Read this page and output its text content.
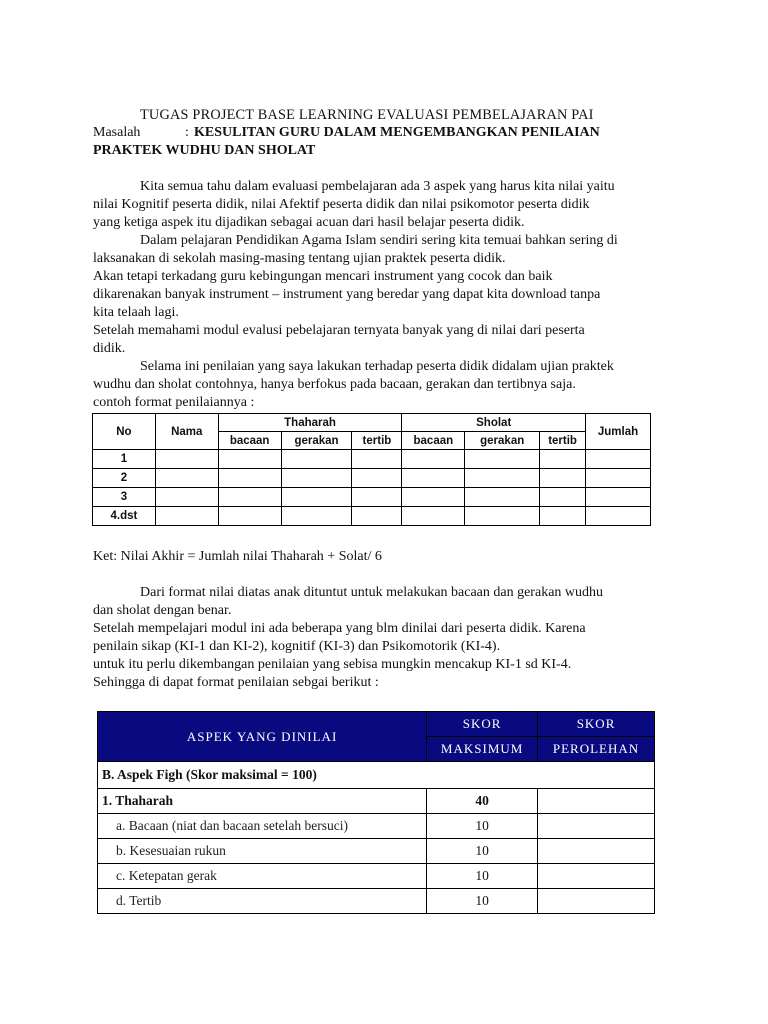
TUGAS PROJECT BASE LEARNING EVALUASI PEMBELAJARAN PAI
Masalah	: KESULITAN GURU DALAM MENGEMBANGKAN PENILAIAN
PRAKTEK WUDHU DAN SHOLAT
Kita semua tahu dalam evaluasi pembelajaran ada 3 aspek yang harus kita nilai yaitu
nilai Kognitif peserta didik, nilai Afektif peserta didik dan nilai psikomotor peserta didik
yang ketiga aspek itu dijadikan sebagai acuan dari hasil belajar peserta didik.
Dalam pelajaran Pendidikan Agama Islam sendiri sering kita temuai bahkan sering di
laksanakan di sekolah masing-masing tentang ujian praktek peserta didik.
Akan tetapi terkadang guru kebingungan mencari instrument yang cocok dan baik
dikarenakan banyak instrument – instrument yang beredar yang dapat kita download tanpa
kita telaah lagi.
Setelah memahami modul evalusi pebelajaran ternyata banyak yang di nilai dari peserta
didik.
Selama ini penilaian yang saya lakukan terhadap peserta didik didalam ujian praktek
wudhu dan sholat contohnya, hanya berfokus pada bacaan, gerakan dan tertibnya saja.
contoh format penilaiannya :
No	Nama	Thaharah			Sholat			Jumlah
		bacaan	gerakan	tertib	bacaan	gerakan	tertib	
1								
2								
3								
4.dst								
Ket: Nilai Akhir = Jumlah nilai Thaharah + Solat/ 6
Dari format nilai diatas anak dituntut untuk melakukan bacaan dan gerakan wudhu
dan sholat dengan benar.
Setelah mempelajari modul ini ada beberapa yang blm dinilai dari peserta didik. Karena
penilain sikap (KI-1 dan KI-2), kognitif (KI-3) dan Psikomotorik (KI-4).
untuk itu perlu dikembangan penilaian yang sebisa mungkin mencakup KI-1 sd KI-4.
Sehingga di dapat format penilaian sebgai berikut :
ASPEK YANG DINILAI	SKOR	SKOR
	MAKSIMUM	PEROLEHAN
B. Aspek Figh (Skor maksimal = 100)		
1. Thaharah	40	
a. Bacaan (niat dan bacaan setelah bersuci)	10	
b. Kesesuaian rukun	10	
c. Ketepatan gerak	10	
d. Tertib	10	
